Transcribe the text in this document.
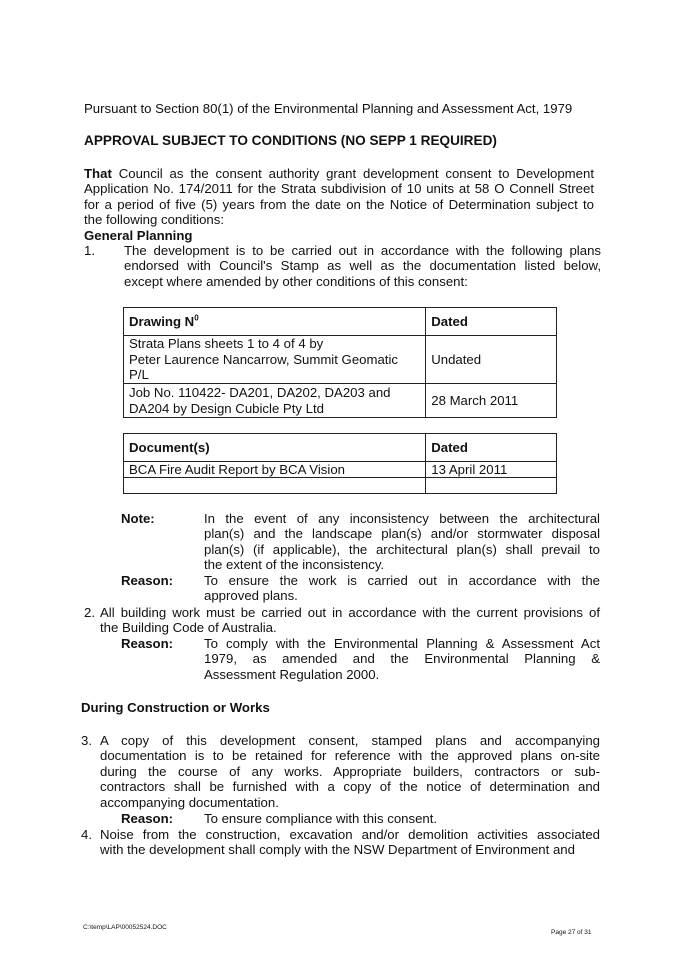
Pursuant to Section 80(1) of the Environmental Planning and Assessment Act, 1979
APPROVAL SUBJECT TO CONDITIONS (NO SEPP 1 REQUIRED)
That Council as the consent authority grant development consent to Development
Application No. 174/2011 for the Strata subdivision of 10 units at 58 O Connell Street
for a period of five (5) years from the date on the Notice of Determination subject to
the following conditions:
General Planning
1. The development is to be carried out in accordance with the following plans
endorsed with Council's Stamp as well as the documentation listed below,
except where amended by other conditions of this consent:
Drawing $N^0$	Dated

Strata Plans sheets 1 to 4 of 4 by
Peter Laurence Nancarrow, Summit Geomatic
P/L	Undated

Job No. 110422- DA201, DA202, DA203 and
DA204 by Design Cubicle Pty Ltd	28 March 2011
Document(s)	Dated
BCA Fire Audit Report by BCA Vision	13 April 2011

Note:	In the event of any inconsistency between the architectural
plan(s) and the landscape plan(s) and/or stormwater disposal
plan(s) (if applicable), the architectural plan(s) shall prevail to
the extent of the inconsistency.
Reason: To ensure the work is carried out in accordance with the
approved plans.
2. All building work must be carried out in accordance with the current provisions of
the Building Code of Australia.
Reason: To comply with the Environmental Planning & Assessment Act
1979, as amended and the Environmental Planning &
Assessment Regulation 2000.
During Construction or Works
3. A copy of this development consent, stamped plans and accompanying
documentation is to be retained for reference with the approved plans on-site
during the course of any works. Appropriate builders, contractors or sub-
contractors shall be furnished with a copy of the notice of determination and
accompanying documentation.
Reason: To ensure compliance with this consent.
4. Noise from the construction, excavation and/or demolition activities associated
with the development shall comply with the NSW Department of Environment and
C:\temp\LAP\00052524.DOC
Page 27 of 31
